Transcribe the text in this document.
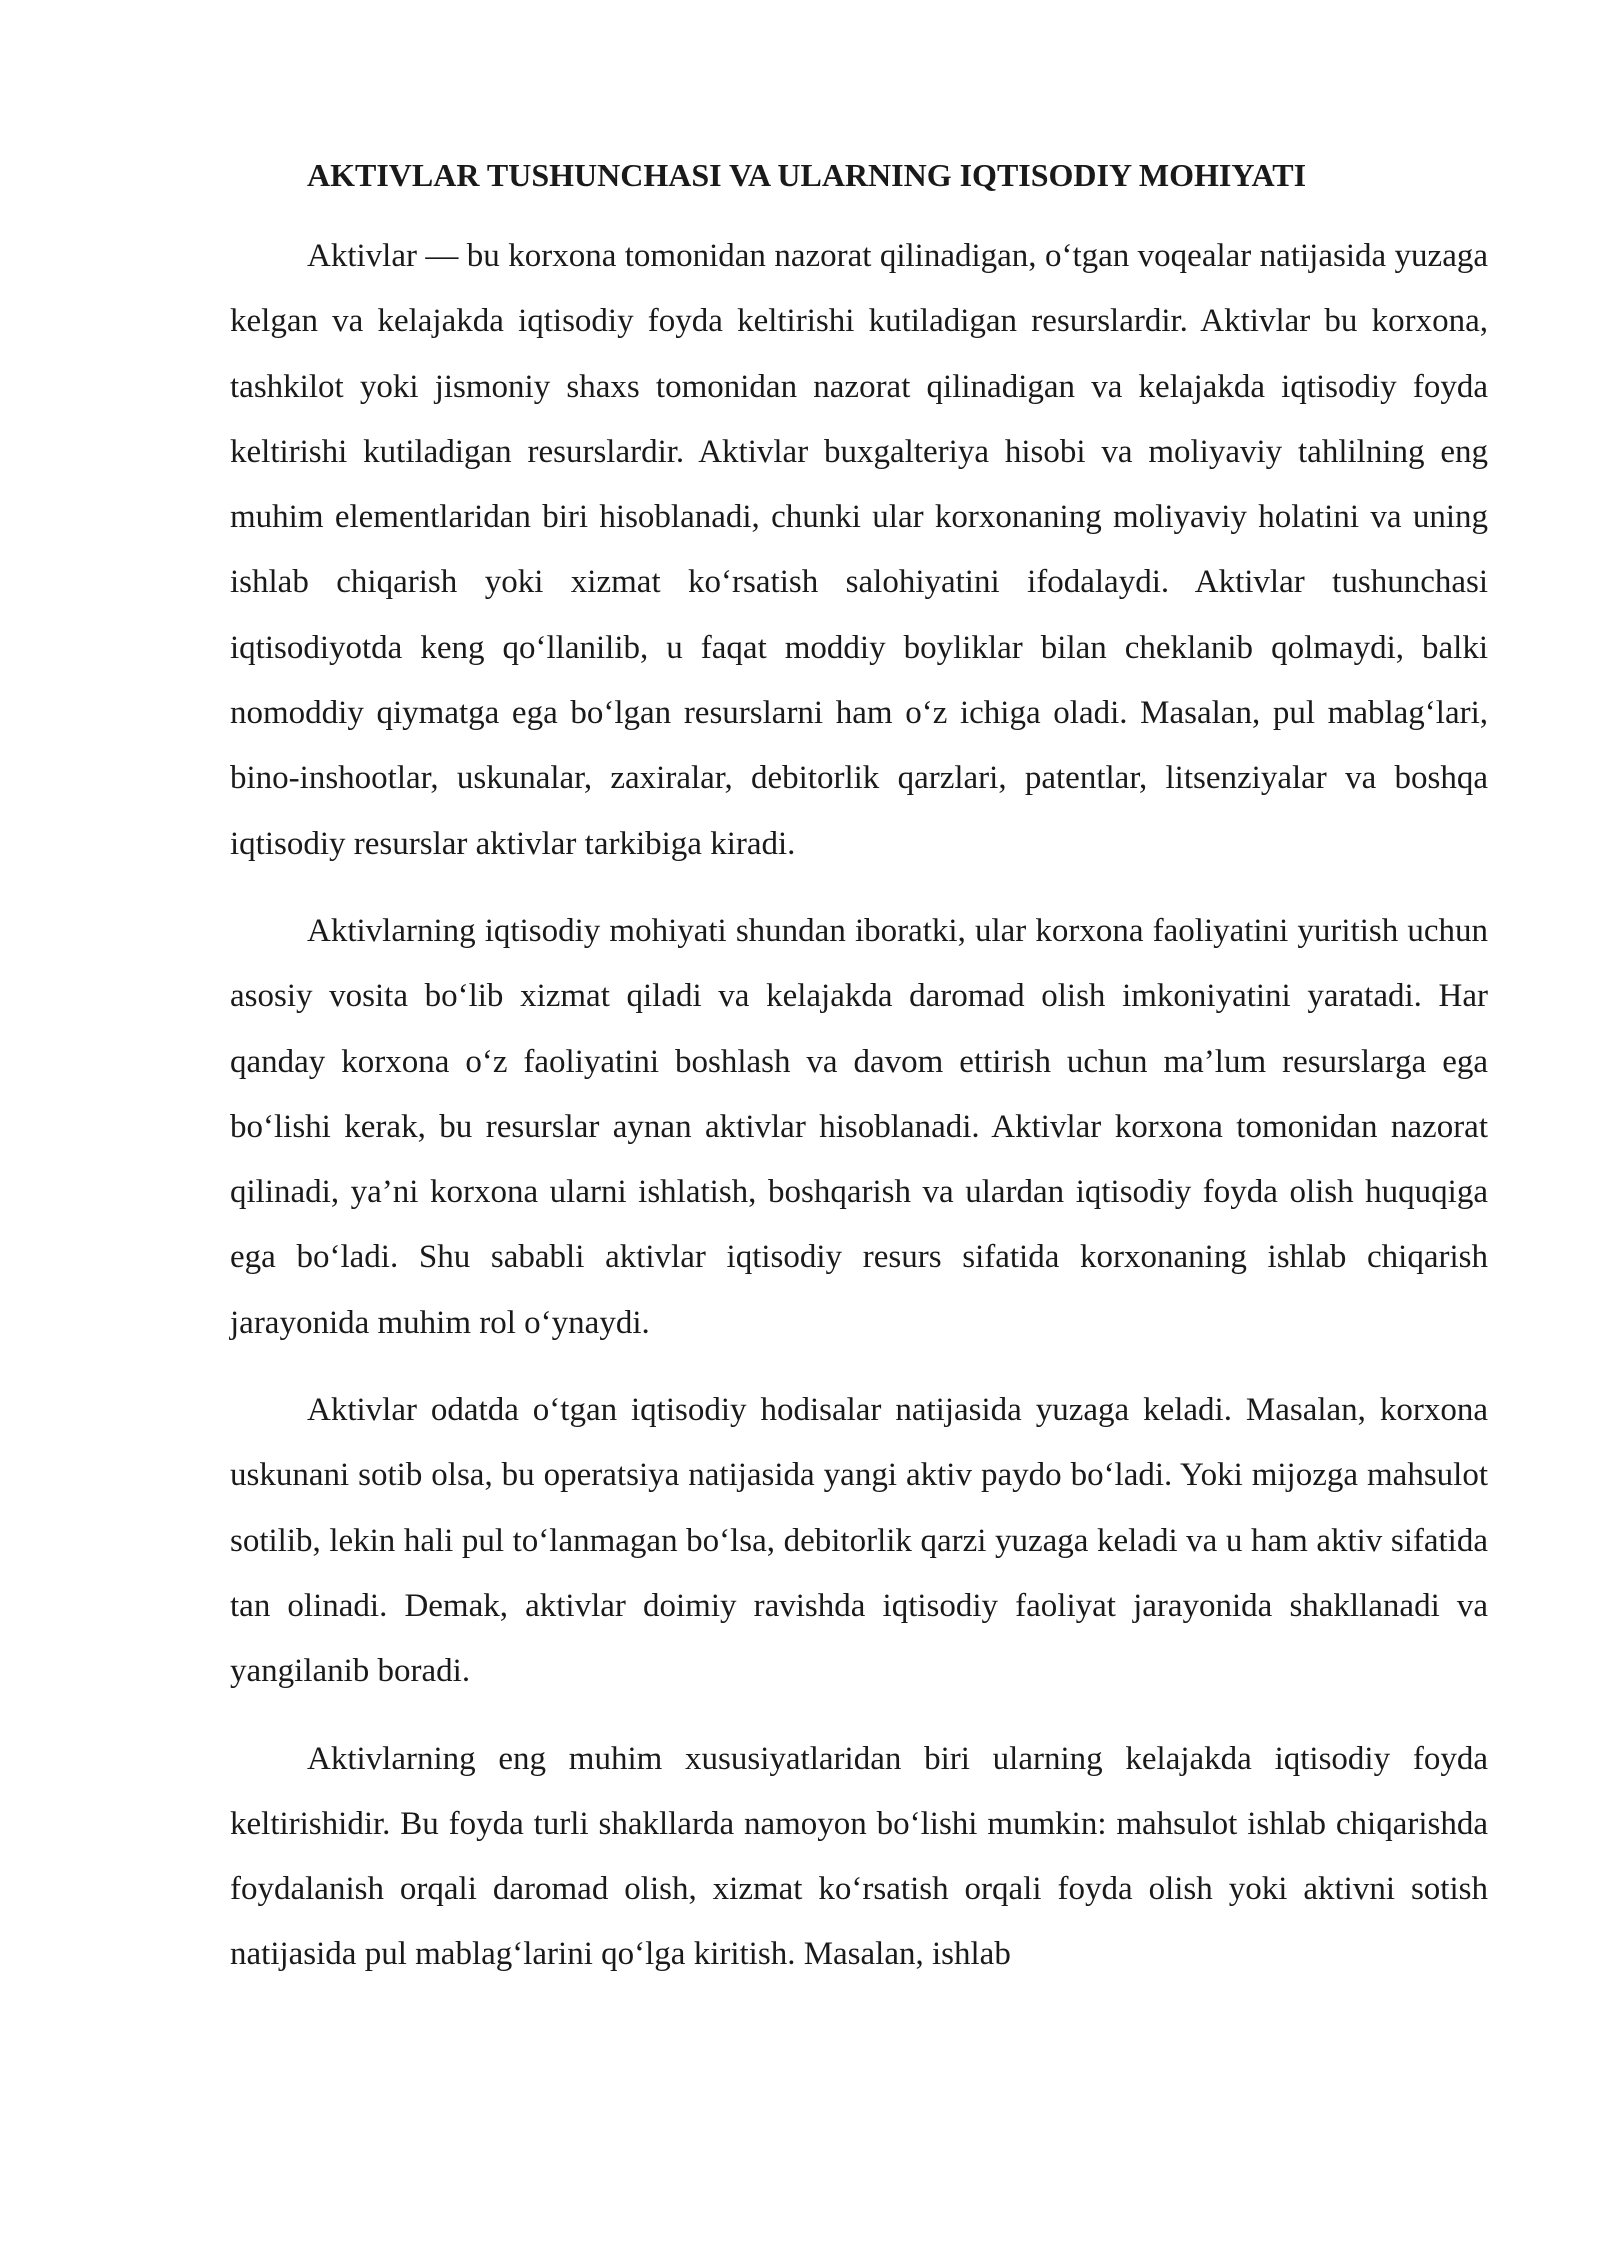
AKTIVLAR TUSHUNCHASI VA ULARNING IQTISODIY MOHIYATI

Aktivlar — bu korxona tomonidan nazorat qilinadigan, o‘tgan voqealar natijasida yuzaga kelgan va kelajakda iqtisodiy foyda keltirishi kutiladigan resurslardir. Aktivlar bu korxona, tashkilot yoki jismoniy shaxs tomonidan nazorat qilinadigan va kelajakda iqtisodiy foyda keltirishi kutiladigan resurslardir. Aktivlar buxgalteriya hisobi va moliyaviy tahlilning eng muhim elementlaridan biri hisoblanadi, chunki ular korxonaning moliyaviy holatini va uning ishlab chiqarish yoki xizmat ko‘rsatish salohiyatini ifodalaydi. Aktivlar tushunchasi iqtisodiyotda keng qo‘llanilib, u faqat moddiy boyliklar bilan cheklanib qolmaydi, balki nomoddiy qiymatga ega bo‘lgan resurslarni ham o‘z ichiga oladi. Masalan, pul mablag‘lari, bino-inshootlar, uskunalar, zaxiralar, debitorlik qarzlari, patentlar, litsenziyalar va boshqa iqtisodiy resurslar aktivlar tarkibiga kiradi.

Aktivlarning iqtisodiy mohiyati shundan iboratki, ular korxona faoliyatini yuritish uchun asosiy vosita bo‘lib xizmat qiladi va kelajakda daromad olish imkoniyatini yaratadi. Har qanday korxona o‘z faoliyatini boshlash va davom ettirish uchun ma’lum resurslarga ega bo‘lishi kerak, bu resurslar aynan aktivlar hisoblanadi. Aktivlar korxona tomonidan nazorat qilinadi, ya’ni korxona ularni ishlatish, boshqarish va ulardan iqtisodiy foyda olish huquqiga ega bo‘ladi. Shu sababli aktivlar iqtisodiy resurs sifatida korxonaning ishlab chiqarish jarayonida muhim rol o‘ynaydi.

Aktivlar odatda o‘tgan iqtisodiy hodisalar natijasida yuzaga keladi. Masalan, korxona uskunani sotib olsa, bu operatsiya natijasida yangi aktiv paydo bo‘ladi. Yoki mijozga mahsulot sotilib, lekin hali pul to‘lanmagan bo‘lsa, debitorlik qarzi yuzaga keladi va u ham aktiv sifatida tan olinadi. Demak, aktivlar doimiy ravishda iqtisodiy faoliyat jarayonida shakllanadi va yangilanib boradi.

Aktivlarning eng muhim xususiyatlaridan biri ularning kelajakda iqtisodiy foyda keltirishidir. Bu foyda turli shakllarda namoyon bo‘lishi mumkin: mahsulot ishlab chiqarishda foydalanish orqali daromad olish, xizmat ko‘rsatish orqali foyda olish yoki aktivni sotish natijasida pul mablag‘larini qo‘lga kiritish. Masalan, ishlab
